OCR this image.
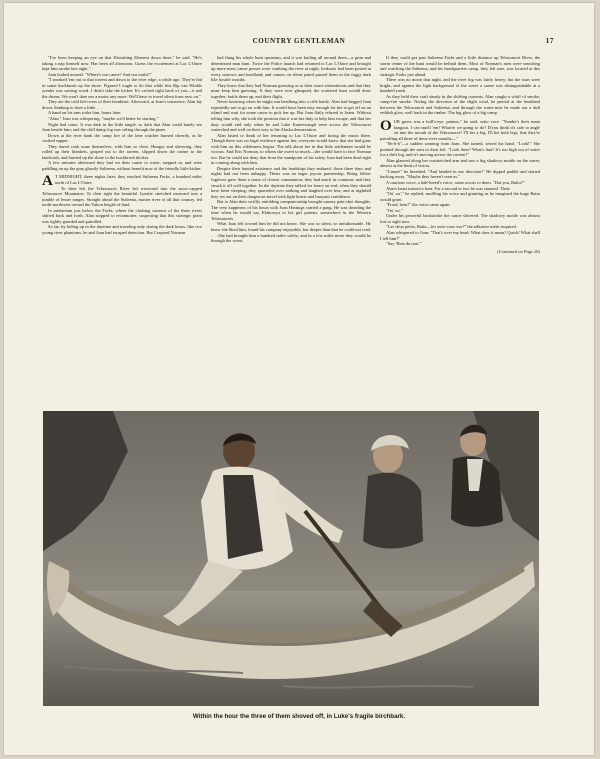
COUNTRY GENTLEMAN	17

"I've been keeping an eye on that Disturbing Element down there," he said. "He's taking a nap himself now. Has been all afternoon. Guess the excitement at Lac L'Outre kept him awake last night."

Joan looked around. "Where's our canoe? And our outfit?"

"I sneaked 'em out to that torrent and down to the river edge, a while ago. They're hid in some buckbrush up the shore. Figured I ought to do that while this Rip van Winkle yonder was sawing wood. I didn't take the kicker. It's cached right back of you—it and the drums. We won't dare use a motor any more. We'll have to travel silent from now on."

They ate the cold left-overs of their breakfast. Afterward, at Joan's insistence, Alan lay down, thinking to doze a little. . . .

A hand on his arm woke him, hours later.

"Alan," Joan was whispering, "maybe we'd better be starting."

Night had come. It was dark in the little tangle, so dark that Alan could barely see Joan beside him; and the chill damp fog was sifting through the pines.

Down at the river bank the camp fire of the lone watcher burned cheerily, as he cooked supper.

They dared cook none themselves, with him so close. Hungry and shivering, they rolled up their blankets, groped out to the torrent, slipped down the ravine to the landwash, and hurried up the shore to the buckbrush thicket.

A few minutes afterward they had set their canoe to water, stepped in, and were paddling on up the gray ghostly Sulteena, without benefit now of the friendly little kicker.

A T MIDNIGHT, three nights later, they reached Sulteena Forks, a hundred miles north of Lac L'Outre.

To their left the Teluwaucet River led westward into the snow-capped Teluwaucet Mountains. To their right the beautiful Lynette stretched eastward into a jumble of lesser ranges. Straight ahead the Sulteena, master river of all that country, led north-northwest toward the Yukon height-of-land.

In midstream just below the Forks, where the clashing currents of the three rivers shifted back and forth, Alan stopped to reconnoiter, suspecting that this strategic point was tightly guarded and patrolled.

So far, by holing up in the daytime and traveling only during the dark hours, like two young river phantoms, he and Joan had escaped detection. But Corporal Norman

had flung his whole hunt upstream, and it was boiling all around them—a grim and determined man hunt. Twice the Police launch had returned to Lac L'Outre and brought up more men; canoe posses were combing the river at night; lookouts had been posted at every narrows and headland; and canoes on silent patrol passed them in the foggy dark like hostile wraiths.

They knew that they had Norman guessing as to their exact whereabouts and that they must keep him guessing. If they were ever glimpsed, the scattered hunt would draw together, bottle them up, end their flight.

Never knowing when he might run headlong into a rifle battle, Alan had begged Joan repeatedly not to go on with him. It would have been easy enough for her to get off on an island and wait for some canoe to pick her up. But Joan flatly refused to listen. Without telling him why, she took the position that it was her duty to help him escape, and that her duty would end only when he and Luke Kaneewaugh were across the Teluwaucet watershed and well on their way to the Alaska demarcation.

Alan lusted to think of her returning to Lac L'Outre and facing the music there. Though there was no legal evidence against her, everyone would know that she had gone with him on this wilderness hegira. The talk about her in that little settlement would be vicious. And Eric Norman, to whom she owed so much—she would have to face Norman too. But he could not deny that from the standpoint of his safety Joan had been dead right in coming along with him.

Despite their hunted existence and the hardships they endured, those three days and nights had not been unhappy. Theirs was an eager joyous partnership. Being fellow fugitives gave them a sense of closest communion; they had much in common; and they struck it off well together. In the daytime they talked for hours on end, when they should have been sleeping; they quarreled over nothing and laughed over less; and at nightfall they set out on their dangerous travel with light hearts and buoyant confidence.

But to Alan their swiftly unfolding companionship brought uneasy pain-shot thoughts. The very happiness of his hours with Joan Hastings carried a pang. He was dreading the time when he would say Klahowya to his girl partner, somewhere in the Western Teluwaucets.

What Joan felt toward him he did not know. She was so silent, so unfathomable. He knew she liked him, found his company enjoyable; but deeper than that he could not read. . . . She had brought him a hundred miles safely; and in a few miles more they would be through the worst.

If they could get past Sulteena Forks and a little distance up Teluwaucet River, the storm center of the hunt would be behind them. Most of Norman's men were searching and watching the Sulteena; and his headquarters camp, they felt sure, was located at this strategic Forks just ahead.

There was no moon that night, and the river fog was fairly heavy; but the stars were bright, and against the light background of the water a canoe was distinguishable at a hundred yards.

As they held their craft steady in the shifting currents, Alan caught a whiff of smoke, camp-fire smoke. Noting the direction of the slight wind, he peered at the headland between the Teluwaucet and Sulteena; and through the water-mist he made out a dull reddish glow, well back in the timber. The big glow of a big camp.

OUR guess was a bull's-eye, partner," he said, sotto voce. "Yonder's their main hangout. I can smell 'em! What're we going to do? D'you think it's safe to angle on into the mouth of the Teluwaucet? I'll bet a leg, I'll bet both legs, that they're patrolling all three of these river mouths—"

"Sh-h-h"—a sudden warning from Joan. She turned, seized his hand. "Look!" She pointed through the mist to their left. "Look there! What's that? It's too high out of water for a drift log, and it's moving across the current!"

Alan glanced along her outstretched arm and saw a big shadowy mottle on the water, almost at the limit of vision.

"Canoe!" he breathed. "And headed in our direction!" He dipped paddle and started backing away. "Maybe they haven't seen us."

A cautious voice, a half-breed's voice, came across to them. "Dat you, Battu?"

Alan's heart missed a beat. For a second or two he was stunned. Then:

"Ou' ou'," he replied, muffling his voice and grunting as he imagined the huge Battu would grunt.

"Froid, hein?" the voice came again.

"Ou' ou'."

Under his powerful backstroke the canoe shivered. The shadowy mottle was almost lost to sight now.

"Les deux petits, Battu—les avez-vous vue?" the talkative métis inquired.

Alan whispered to Joan: "That's over my head. What does it mean? Quick! What shall I tell him?"

"Say 'Rien du tout.'"

(Continued on Page 26)
Within the hour the three of them shoved off, in Luke's fragile birchbark.
